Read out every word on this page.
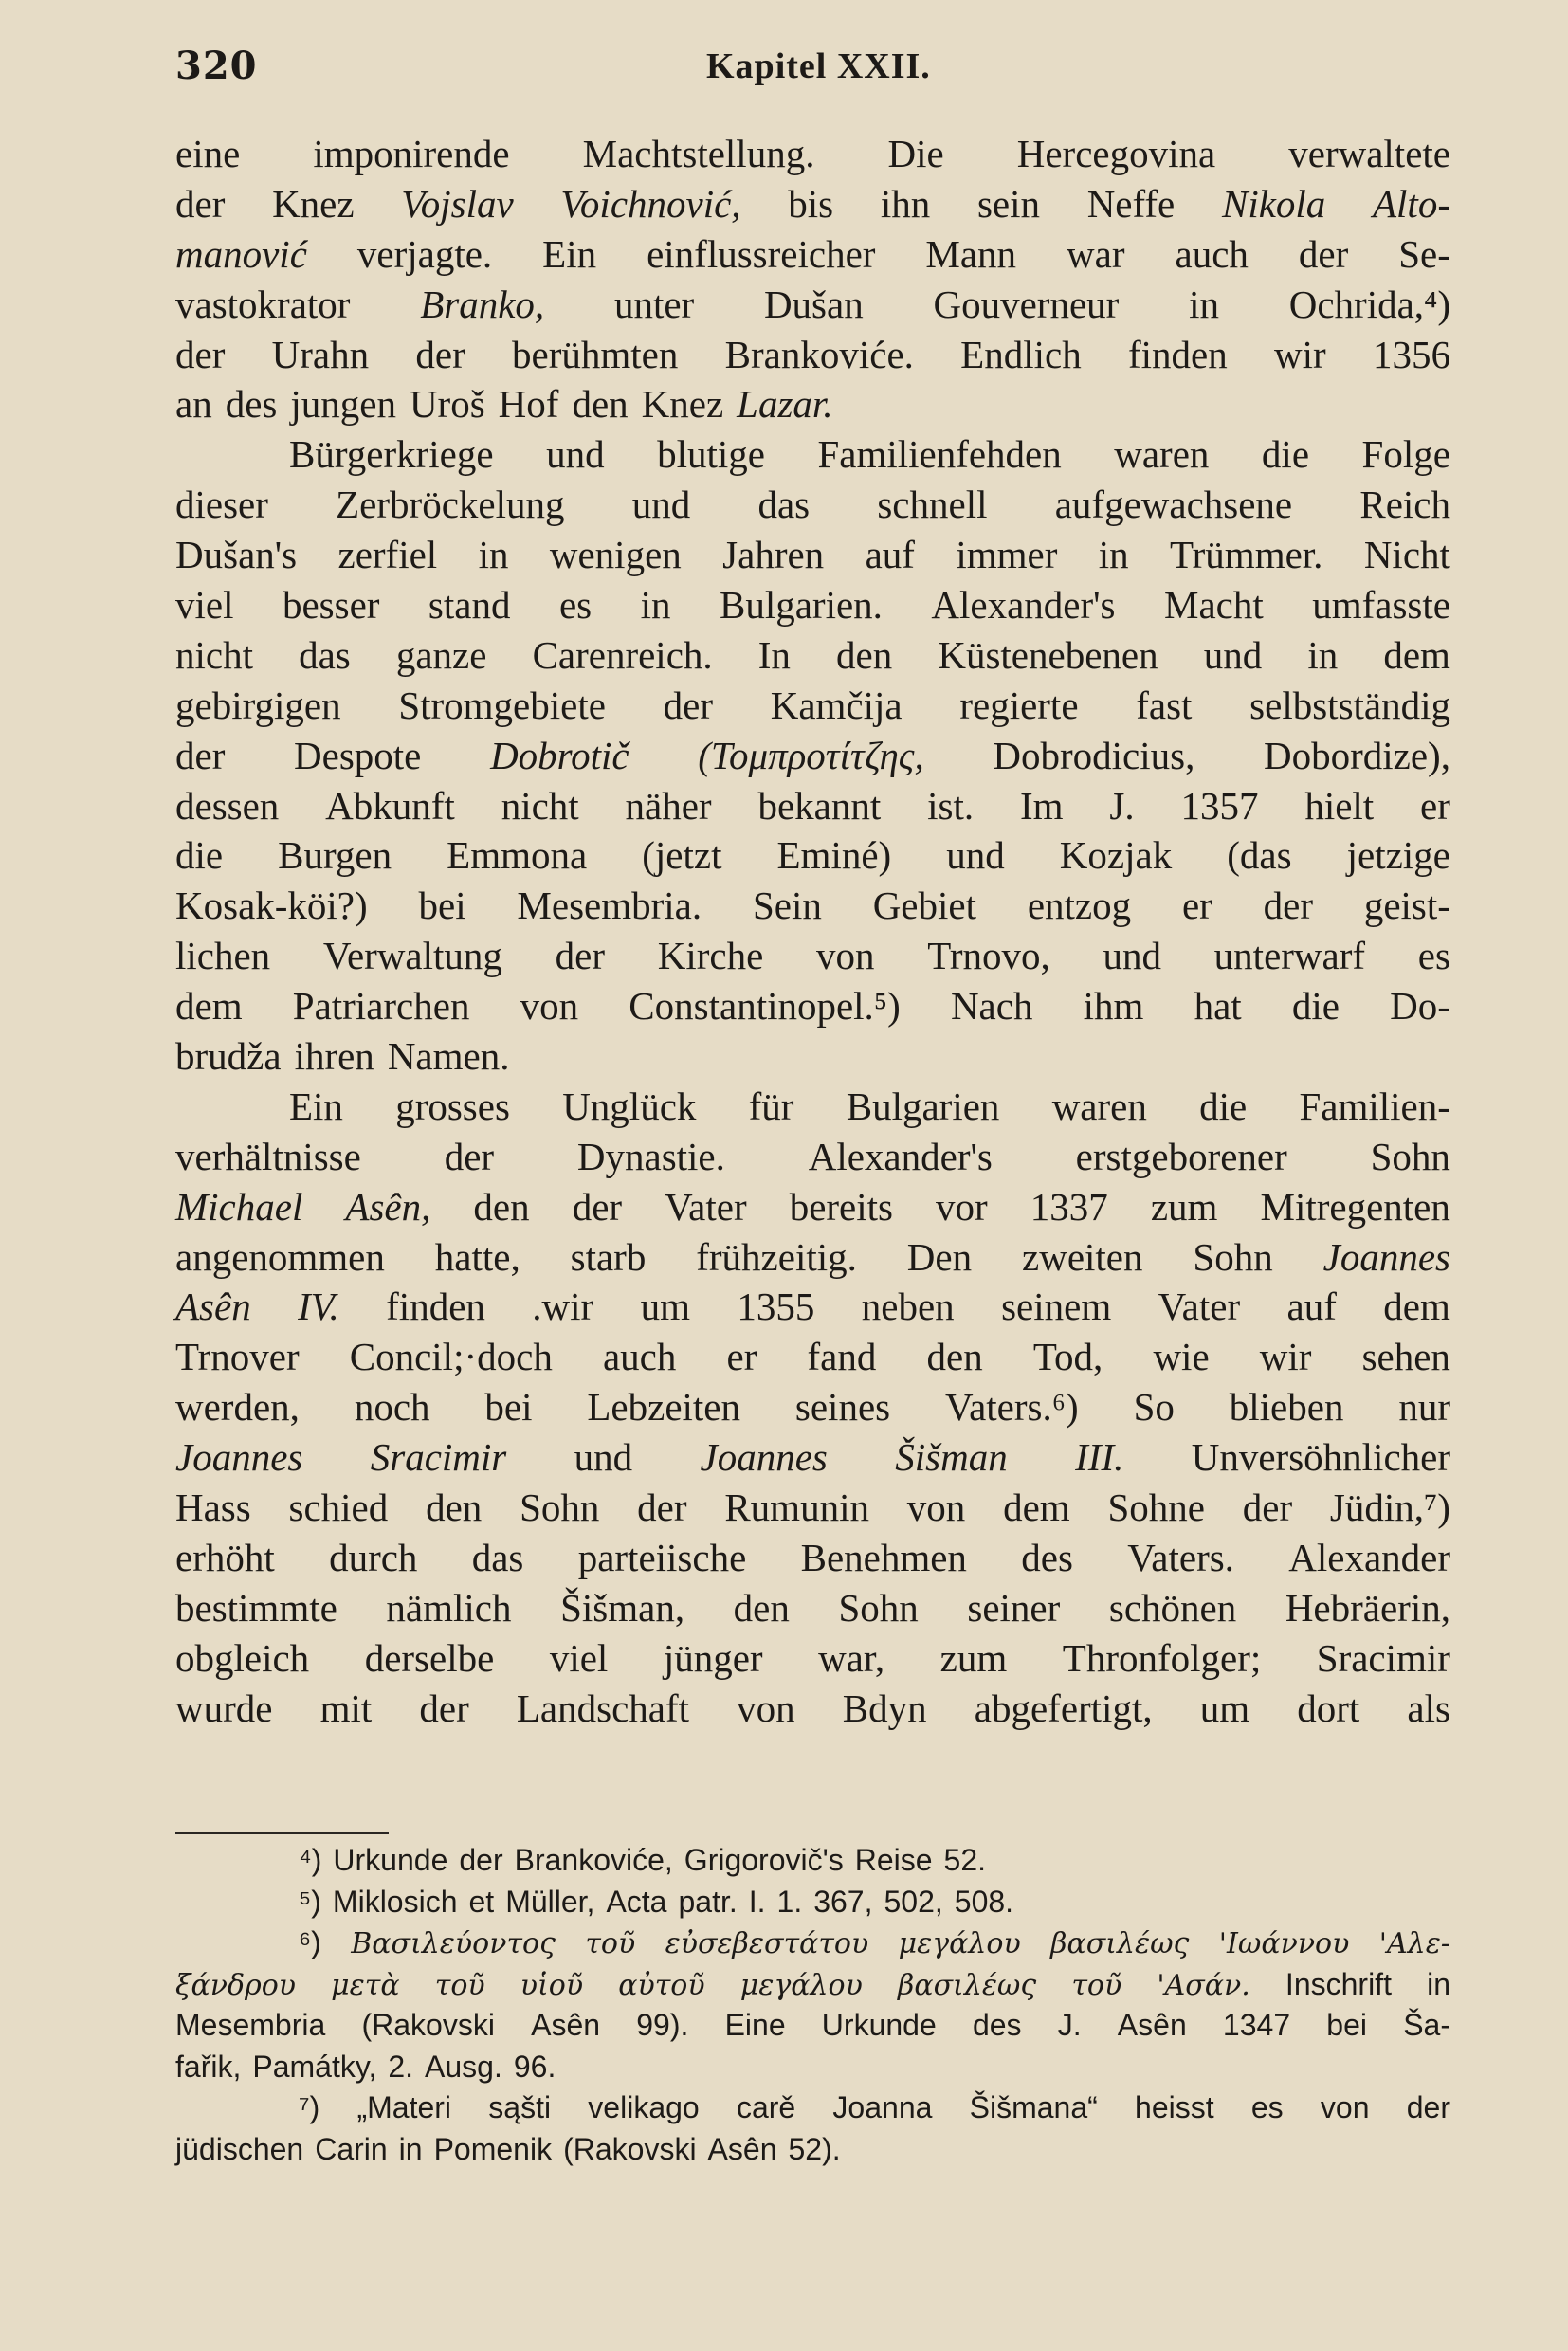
320	Kapitel XXII.
eine imponirende Machtstellung. Die Hercegovina verwaltete
der Knez Vojslav Voichnović, bis ihn sein Neffe Nikola Alto-
manović verjagte. Ein einflussreicher Mann war auch der Se-
vastokrator Branko, unter Dušan Gouverneur in Ochrida,⁴)
der Urahn der berühmten Brankoviće. Endlich finden wir 1356
an des jungen Uroš Hof den Knez Lazar.
Bürgerkriege und blutige Familienfehden waren die Folge
dieser Zerbröckelung und das schnell aufgewachsene Reich
Dušan's zerfiel in wenigen Jahren auf immer in Trümmer. Nicht
viel besser stand es in Bulgarien. Alexander's Macht umfasste
nicht das ganze Carenreich. In den Küstenebenen und in dem
gebirgigen Stromgebiete der Kamčija regierte fast selbstständig
der Despote Dobrotič (Τομπροτίτζης, Dobrodicius, Dobordize),
dessen Abkunft nicht näher bekannt ist. Im J. 1357 hielt er
die Burgen Emmona (jetzt Eminé) und Kozjak (das jetzige
Kosak-köi?) bei Mesembria. Sein Gebiet entzog er der geist-
lichen Verwaltung der Kirche von Trnovo, und unterwarf es
dem Patriarchen von Constantinopel.⁵) Nach ihm hat die Do-
brudža ihren Namen.
Ein grosses Unglück für Bulgarien waren die Familien-
verhältnisse der Dynastie. Alexander's erstgeborener Sohn
Michael Asên, den der Vater bereits vor 1337 zum Mitregenten
angenommen hatte, starb frühzeitig. Den zweiten Sohn Joannes
Asên IV. finden .wir um 1355 neben seinem Vater auf dem
Trnover Concil;·doch auch er fand den Tod, wie wir sehen
werden, noch bei Lebzeiten seines Vaters.⁶) So blieben nur
Joannes Sracimir und Joannes Šišman III. Unversöhnlicher
Hass schied den Sohn der Rumunin von dem Sohne der Jüdin,⁷)
erhöht durch das parteiische Benehmen des Vaters. Alexander
bestimmte nämlich Šišman, den Sohn seiner schönen Hebräerin,
obgleich derselbe viel jünger war, zum Thronfolger; Sracimir
wurde mit der Landschaft von Bdyn abgefertigt, um dort als
⁴) Urkunde der Brankoviće, Grigorovič's Reise 52.
⁵) Miklosich et Müller, Acta patr. I. 1. 367, 502, 508.
⁶) Βασιλεύοντος τοῦ εὐσεβεστάτου μεγάλου βασιλέως 'Ιωάννου 'Αλε-
ξάνδρου μετὰ τοῦ υἱοῦ αὐτοῦ μεγάλου βασιλέως τοῦ 'Ασάν. Inschrift in
Mesembria (Rakovski Asên 99). Eine Urkunde des J. Asên 1347 bei Ša-
fařik, Památky, 2. Ausg. 96.
⁷) „Materi sąšti velikago carě Joanna Šišmana“ heisst es von der
jüdischen Carin in Pomenik (Rakovski Asên 52).
